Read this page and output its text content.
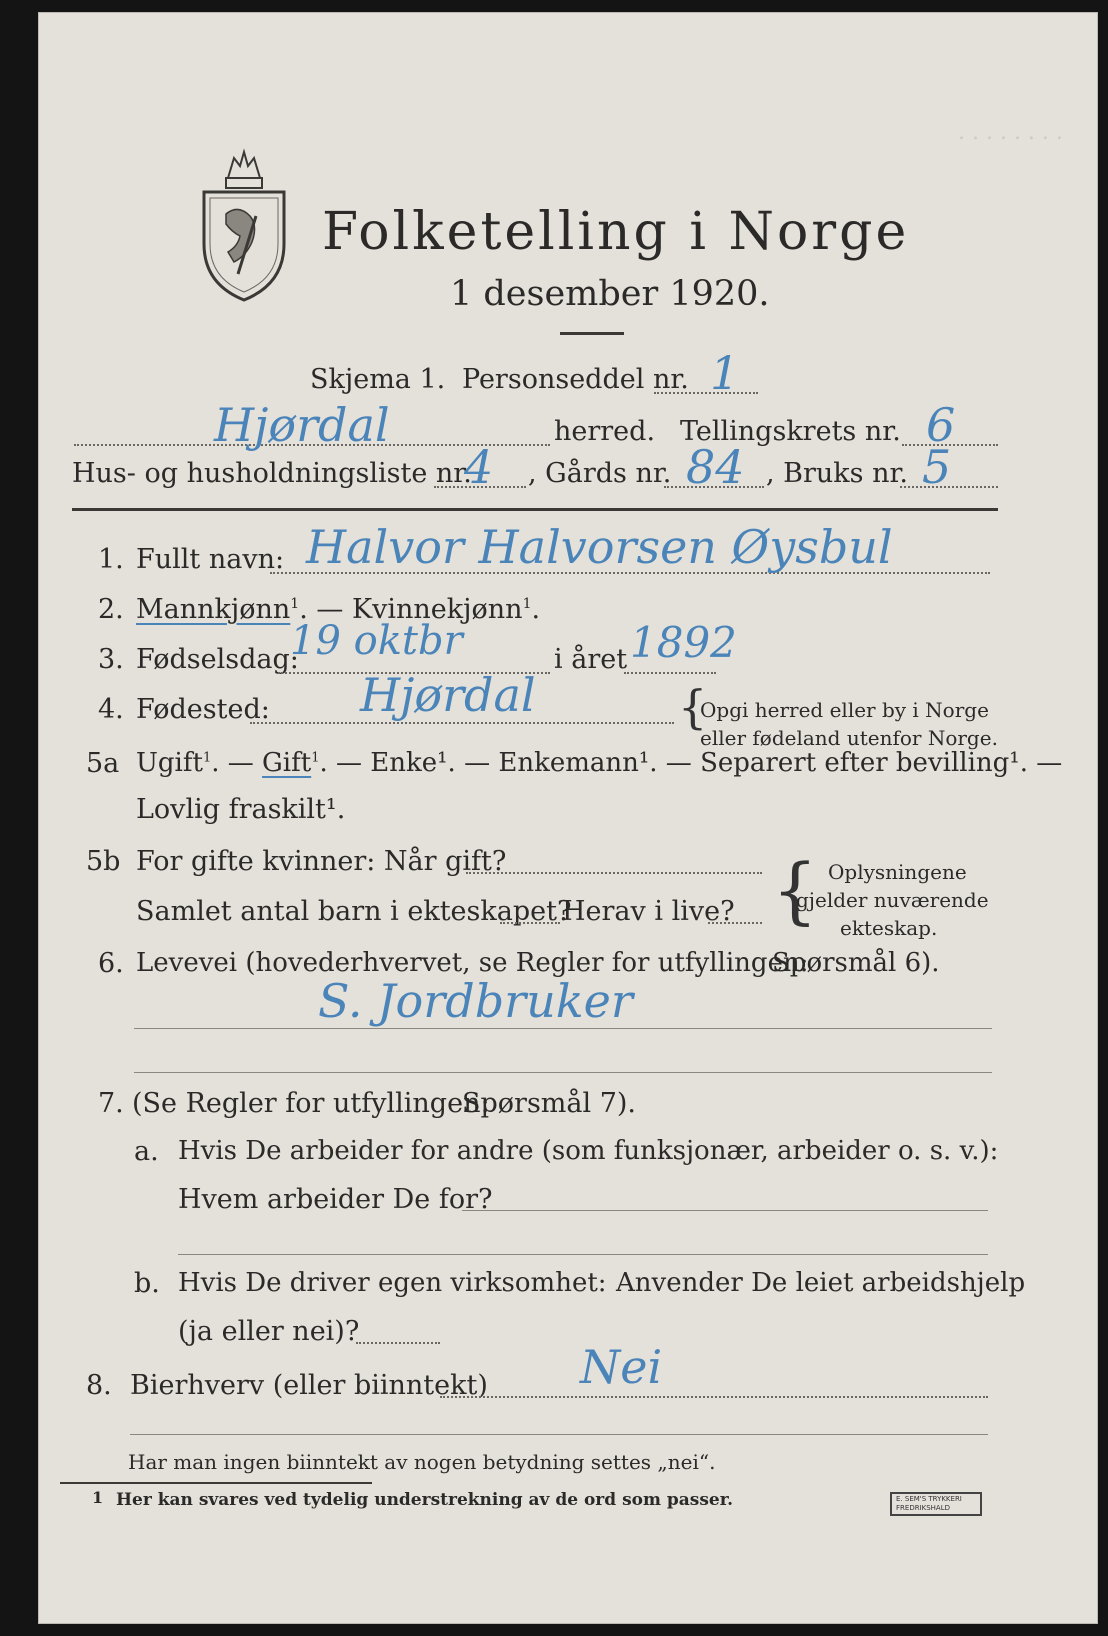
. . . . . . . .
Folketelling i Norge
1 desember 1920.
Skjema 1. Personseddel nr. 1
Hjørdal	herred. Tellingskrets nr. 6
Hus- og husholdningsliste nr.
4 , Gårds nr. 84 , Bruks nr. 5
1. Fullt navn: Halvor Halvorsen Øysbul
2. Mannkjønn$^1$. — Kvinnekjønn$^1$.
3. Fødselsdag:
19 oktbr	i året 1892
4. Fødested: Hjørdal	{
Opgi herred eller by i Norge
eller fødeland utenfor Norge.
5a Ugift$^1$. — Gift$^1$. — Enke¹. — Enkemann¹. — Separert efter bevilling¹. —
Lovlig fraskilt¹.
5b For gifte kvinner: Når gift?
Samlet antal barn i ekteskapet?
Herav i live? { Oplysningene
gjelder nuværende
ekteskap.
6. Levevei (hovederhvervet, se Regler for utfyllingen:
Spørsmål 6).
S. Jordbruker
7. (Se Regler for utfyllingen:
Spørsmål 7).
a. Hvis De arbeider for andre (som funksjonær, arbeider o. s. v.):
Hvem arbeider De for?
b. Hvis De driver egen virksomhet: Anvender De leiet arbeidshjelp
(ja eller nei)?
8. Bierhverv (eller biinntekt) Nei
Har man ingen biinntekt av nogen betydning settes „nei“.
1 Her kan svares ved tydelig understrekning av de ord som passer.	E. SEM'S TRYKKERI FREDRIKSHALD
